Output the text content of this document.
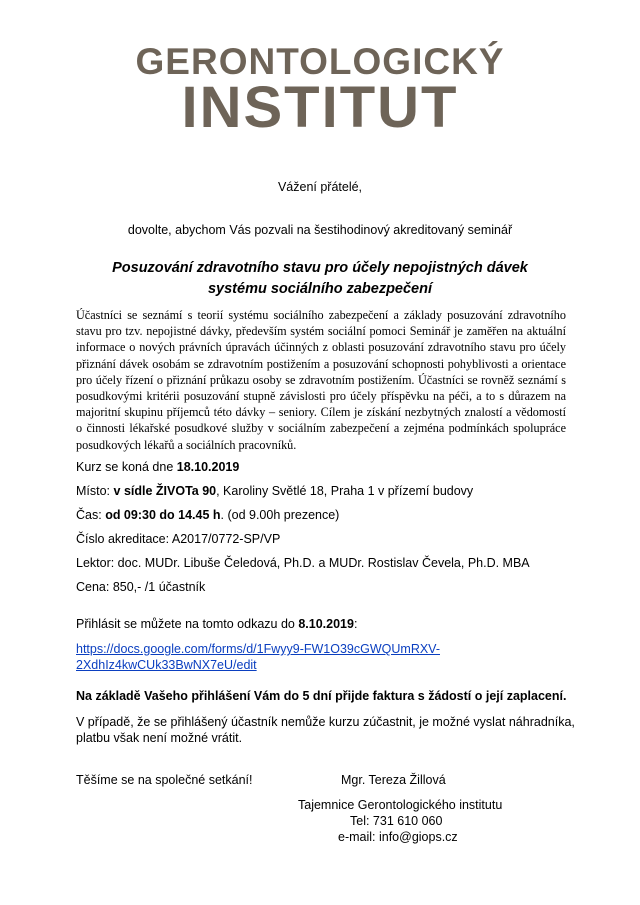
GERONTOLOGICKÝ
INSTITUT
Vážení přátelé,
dovolte, abychom Vás pozvali na šestihodinový akreditovaný seminář
Posuzování zdravotního stavu pro účely nepojistných dávek
systému sociálního zabezpečení
Účastníci se seznámí s teorií systému sociálního zabezpečení a základy posuzování zdravotního stavu pro tzv. nepojistné dávky, především systém sociální pomoci Seminář je zaměřen na aktuální informace o nových právních úpravách účinných z oblasti posuzování zdravotního stavu pro účely přiznání dávek osobám se zdravotním postižením a posuzování schopnosti pohyblivosti a orientace pro účely řízení o přiznání průkazu osoby se zdravotním postižením. Účastníci se rovněž seznámí s posudkovými kritérii posuzování stupně závislosti pro účely příspěvku na péči, a to s důrazem na majoritní skupinu příjemců této dávky – seniory. Cílem je získání nezbytných znalostí a vědomostí o činnosti lékařské posudkové služby v sociálním zabezpečení a zejména podmínkách spolupráce posudkových lékařů a sociálních pracovníků.
Kurz se koná dne 18.10.2019
Místo: v sídle ŽIVOTa 90, Karoliny Světlé 18, Praha 1 v přízemí budovy
Čas: od 09:30 do 14.45 h. (od 9.00h prezence)
Číslo akreditace: A2017/0772-SP/VP
Lektor: doc. MUDr. Libuše Čeledová, Ph.D. a MUDr. Rostislav Čevela, Ph.D. MBA
Cena: 850,- /1 účastník
Přihlásit se můžete na tomto odkazu do 8.10.2019:
https://docs.google.com/forms/d/1Fwyy9-FW1O39cGWQUmRXV-
2XdhIz4kwCUk33BwNX7eU/edit
Na základě Vašeho přihlášení Vám do 5 dní přijde faktura s žádostí o její zaplacení.
V případě, že se přihlášený účastník nemůže kurzu zúčastnit, je možné vyslat náhradníka,
platbu však není možné vrátit.
Těšíme se na společné setkání!	Mgr. Tereza Žillová
Tajemnice Gerontologického institutu
Tel: 731 610 060
e-mail: info@giops.cz
